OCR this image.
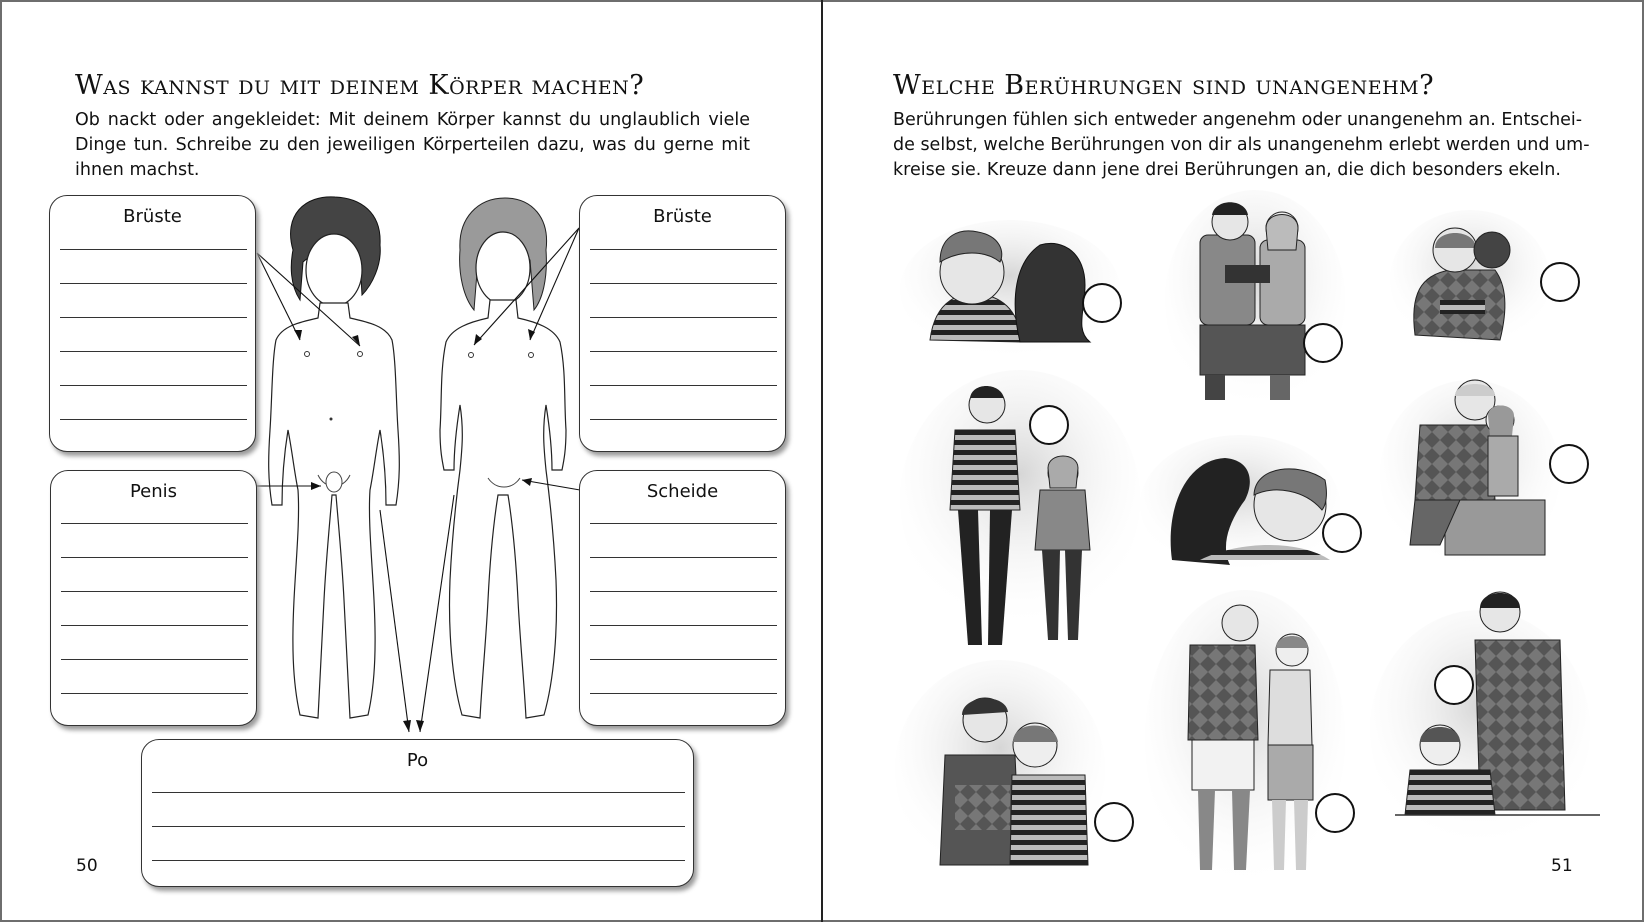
Was kannst du mit deinem Körper machen?
Ob nackt oder angekleidet: Mit deinem Körper kannst du unglaublich viele
Dinge tun. Schreibe zu den jeweiligen Körperteilen dazu, was du gerne mit
ihnen machst.
Brüste
Penis
Brüste
Scheide
Po
50
Welche Berührungen sind unangenehm?
Berührungen fühlen sich entweder angenehm oder unangenehm an. Entschei-
de selbst, welche Berührungen von dir als unangenehm erlebt werden und um-
kreise sie. Kreuze dann jene drei Berührungen an, die dich besonders ekeln.
51
